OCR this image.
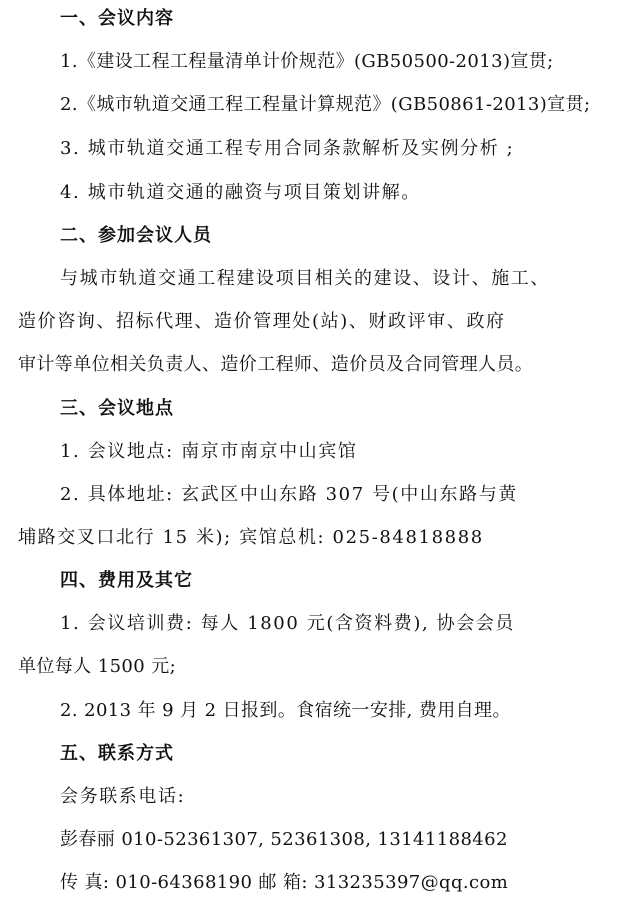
一、会议内容
1.《建设工程工程量清单计价规范》(GB50500-2013)宣贯;
2.《城市轨道交通工程工程量计算规范》(GB50861-2013)宣贯;
3. 城市轨道交通工程专用合同条款解析及实例分析 ;
4. 城市轨道交通的融资与项目策划讲解。
二、参加会议人员
与城市轨道交通工程建设项目相关的建设、设计、施工、
造价咨询、招标代理、造价管理处(站)、财政评审、政府
审计等单位相关负责人、造价工程师、造价员及合同管理人员。
三、会议地点
1. 会议地点: 南京市南京中山宾馆
2. 具体地址: 玄武区中山东路 307 号(中山东路与黄
埔路交叉口北行 15 米); 宾馆总机: 025-84818888
四、费用及其它
1. 会议培训费: 每人 1800 元(含资料费), 协会会员
单位每人 1500 元;
2. 2013 年 9 月 2 日报到。食宿统一安排, 费用自理。
五、联系方式
会务联系电话:
彭春丽 010-52361307, 52361308, 13141188462
传 真: 010-64368190 邮 箱: 313235397@qq.com
